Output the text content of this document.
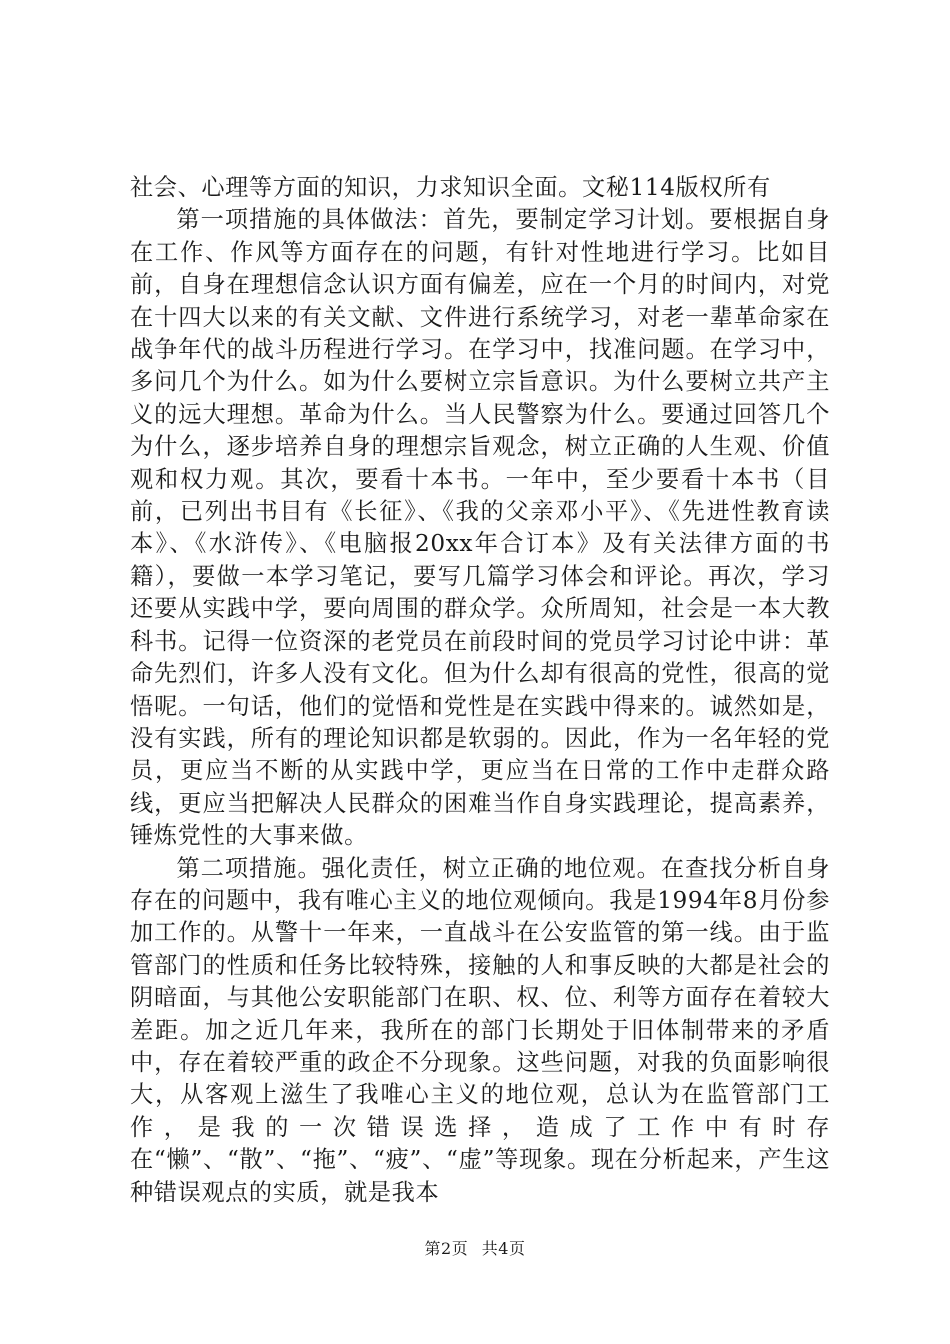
社会、心理等方面的知识，力求知识全面。文秘114版权所有

第一项措施的具体做法：首先，要制定学习计划。要根据自身在工作、作风等方面存在的问题，有针对性地进行学习。比如目前，自身在理想信念认识方面有偏差，应在一个月的时间内，对党在十四大以来的有关文献、文件进行系统学习，对老一辈革命家在战争年代的战斗历程进行学习。在学习中，找准问题。在学习中，多问几个为什么。如为什么要树立宗旨意识。为什么要树立共产主义的远大理想。革命为什么。当人民警察为什么。要通过回答几个为什么，逐步培养自身的理想宗旨观念，树立正确的人生观、价值观和权力观。其次，要看十本书。一年中，至少要看十本书（目前，已列出书目有《长征》、《我的父亲邓小平》、《先进性教育读本》、《水浒传》、《电脑报20xx年合订本》及有关法律方面的书籍），要做一本学习笔记，要写几篇学习体会和评论。再次，学习还要从实践中学，要向周围的群众学。众所周知，社会是一本大教科书。记得一位资深的老党员在前段时间的党员学习讨论中讲：革命先烈们，许多人没有文化。但为什么却有很高的党性，很高的觉悟呢。一句话，他们的觉悟和党性是在实践中得来的。诚然如是，没有实践，所有的理论知识都是软弱的。因此，作为一名年轻的党员，更应当不断的从实践中学，更应当在日常的工作中走群众路线，更应当把解决人民群众的困难当作自身实践理论，提高素养，锤炼党性的大事来做。

第二项措施。强化责任，树立正确的地位观。在查找分析自身存在的问题中，我有唯心主义的地位观倾向。我是1994年8月份参加工作的。从警十一年来，一直战斗在公安监管的第一线。由于监管部门的性质和任务比较特殊，接触的人和事反映的大都是社会的阴暗面，与其他公安职能部门在职、权、位、利等方面存在着较大差距。加之近几年来，我所在的部门长期处于旧体制带来的矛盾中，存在着较严重的政企不分现象。这些问题，对我的负面影响很大，从客观上滋生了我唯心主义的地位观，总认为在监管部门工作，是我的一次错误选择，造成了工作中有时存在“懒”、“散”、“拖”、“疲”、“虚”等现象。现在分析起来，产生这种错误观点的实质，就是我本

第2页 共4页
